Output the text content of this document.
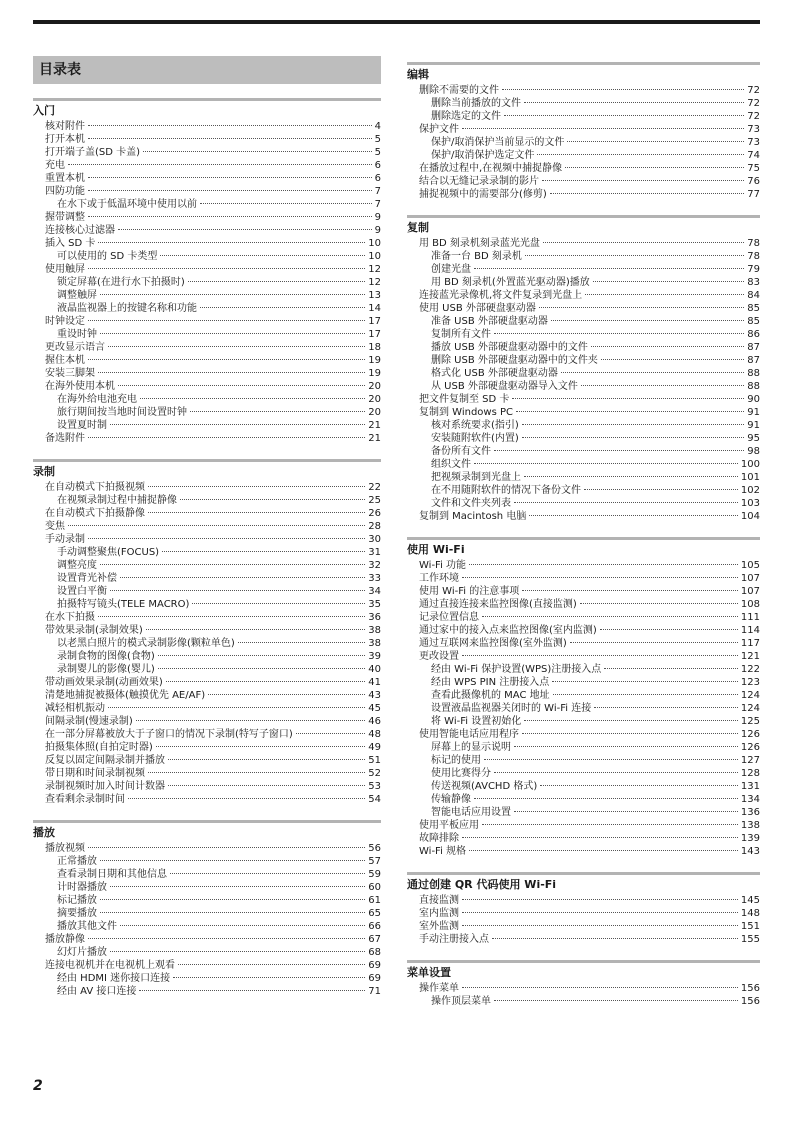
目录表
入门
核对附件	4
打开本机	5
打开端子盖(SD 卡盖)	5
充电	6
重置本机	6
四防功能	7
在水下或于低温环境中使用以前	7
握带调整	9
连接核心过滤器	9
插入 SD 卡	10
可以使用的 SD 卡类型	10
使用触屏	12
锁定屏幕(在进行水下拍摄时)	12
调整触屏	13
液晶监视器上的按键名称和功能	14
时钟设定	17
重设时钟	17
更改显示语言	18
握住本机	19
安装三脚架	19
在海外使用本机	20
在海外给电池充电	20
旅行期间按当地时间设置时钟	20
设置夏时制	21
备选附件	21
录制
在自动模式下拍摄视频	22
在视频录制过程中捕捉静像	25
在自动模式下拍摄静像	26
变焦	28
手动录制	30
手动调整聚焦(FOCUS)	31
调整亮度	32
设置背光补偿	33
设置白平衡	34
拍摄特写镜头(TELE MACRO)	35
在水下拍摄	36
带效果录制(录制效果)	38
以老黑白照片的模式录制影像(颗粒单色)	38
录制食物的图像(食物)	39
录制婴儿的影像(婴儿)	40
带动画效果录制(动画效果)	41
清楚地捕捉被摄体(触摸优先 AE/AF)	43
减轻相机振动	45
间隔录制(慢速录制)	46
在一部分屏幕被放大于子窗口的情况下录制(特写子窗口)	48
拍摄集体照(自拍定时器)	49
反复以固定间隔录制并播放	51
带日期和时间录制视频	52
录制视频时加入时间计数器	53
查看剩余录制时间	54
播放
播放视频	56
正常播放	57
查看录制日期和其他信息	59
计时器播放	60
标记播放	61
摘要播放	65
播放其他文件	66
播放静像	67
幻灯片播放	68
连接电视机并在电视机上观看	69
经由 HDMI 迷你接口连接	69
经由 AV 接口连接	71
编辑
删除不需要的文件	72
删除当前播放的文件	72
删除选定的文件	72
保护文件	73
保护/取消保护当前显示的文件	73
保护/取消保护选定文件	74
在播放过程中,在视频中捕捉静像	75
结合以无缝记录录制的影片	76
捕捉视频中的需要部分(修剪)	77
复制
用 BD 刻录机刻录蓝光光盘	78
准备一台 BD 刻录机	78
创建光盘	79
用 BD 刻录机(外置蓝光驱动器)播放	83
连接蓝光录像机,将文件复录到光盘上	84
使用 USB 外部硬盘驱动器	85
准备 USB 外部硬盘驱动器	85
复制所有文件	86
播放 USB 外部硬盘驱动器中的文件	87
删除 USB 外部硬盘驱动器中的文件夹	87
格式化 USB 外部硬盘驱动器	88
从 USB 外部硬盘驱动器导入文件	88
把文件复制至 SD 卡	90
复制到 Windows PC	91
核对系统要求(指引)	91
安装随附软件(内置)	95
备份所有文件	98
组织文件	100
把视频录制到光盘上	101
在不用随附软件的情况下备份文件	102
文件和文件夹列表	103
复制到 Macintosh 电脑	104
使用 Wi-Fi
Wi-Fi 功能	105
工作环境	107
使用 Wi-Fi 的注意事项	107
通过直接连接来监控图像(直接监测)	108
记录位置信息	111
通过家中的接入点来监控图像(室内监测)	114
通过互联网来监控图像(室外监测)	117
更改设置	121
经由 Wi-Fi 保护设置(WPS)注册接入点	122
经由 WPS PIN 注册接入点	123
查看此摄像机的 MAC 地址	124
设置液晶监视器关闭时的 Wi-Fi 连接	124
将 Wi-Fi 设置初始化	125
使用智能电话应用程序	126
屏幕上的显示说明	126
标记的使用	127
使用比赛得分	128
传送视频(AVCHD 格式)	131
传输静像	134
智能电话应用设置	136
使用平板应用	138
故障排除	139
Wi-Fi 规格	143
通过创建 QR 代码使用 Wi-Fi
直接监测	145
室内监测	148
室外监测	151
手动注册接入点	155
菜单设置
操作菜单	156
操作顶层菜单	156
2
